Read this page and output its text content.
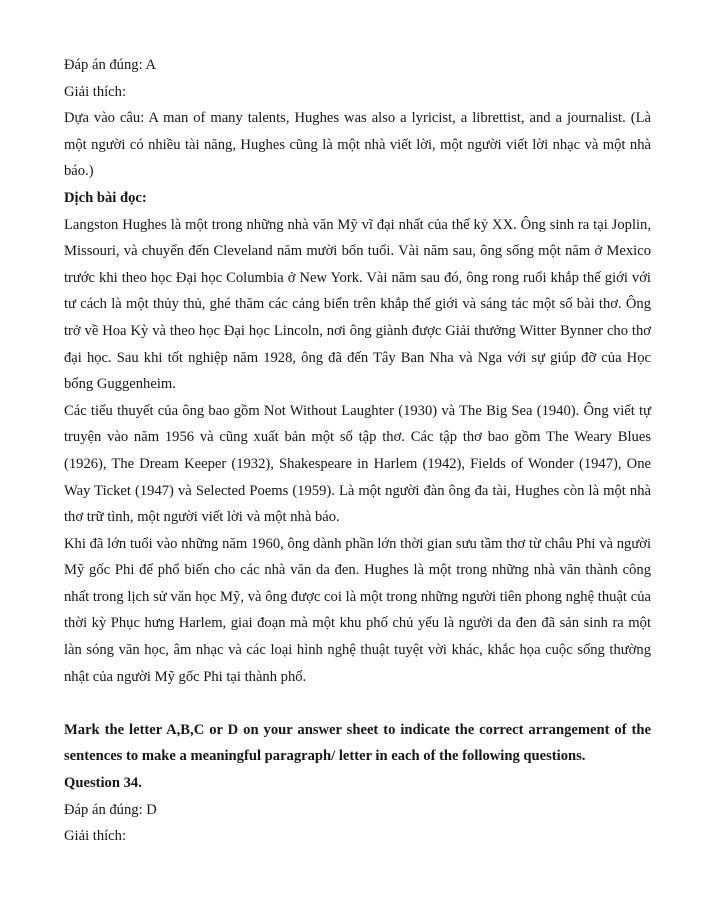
Đáp án đúng: A

Giải thích:

Dựa vào câu: A man of many talents, Hughes was also a lyricist, a librettist, and a journalist. (Là một người có nhiều tài năng, Hughes cũng là một nhà viết lời, một người viết lời nhạc và một nhà báo.)

Dịch bài đọc:

Langston Hughes là một trong những nhà văn Mỹ vĩ đại nhất của thế kỷ XX. Ông sinh ra tại Joplin, Missouri, và chuyển đến Cleveland năm mười bốn tuổi. Vài năm sau, ông sống một năm ở Mexico trước khi theo học Đại học Columbia ở New York. Vài năm sau đó, ông rong ruổi khắp thế giới với tư cách là một thủy thủ, ghé thăm các cảng biển trên khắp thế giới và sáng tác một số bài thơ. Ông trở về Hoa Kỳ và theo học Đại học Lincoln, nơi ông giành được Giải thưởng Witter Bynner cho thơ đại học. Sau khi tốt nghiệp năm 1928, ông đã đến Tây Ban Nha và Nga với sự giúp đỡ của Học bổng Guggenheim.

Các tiểu thuyết của ông bao gồm Not Without Laughter (1930) và The Big Sea (1940). Ông viết tự truyện vào năm 1956 và cũng xuất bản một số tập thơ. Các tập thơ bao gồm The Weary Blues (1926), The Dream Keeper (1932), Shakespeare in Harlem (1942), Fields of Wonder (1947), One Way Ticket (1947) và Selected Poems (1959). Là một người đàn ông đa tài, Hughes còn là một nhà thơ trữ tình, một người viết lời và một nhà báo.

Khi đã lớn tuổi vào những năm 1960, ông dành phần lớn thời gian sưu tầm thơ từ châu Phi và người Mỹ gốc Phi để phổ biến cho các nhà văn da đen. Hughes là một trong những nhà văn thành công nhất trong lịch sử văn học Mỹ, và ông được coi là một trong những người tiên phong nghệ thuật của thời kỳ Phục hưng Harlem, giai đoạn mà một khu phố chủ yếu là người da đen đã sản sinh ra một làn sóng văn học, âm nhạc và các loại hình nghệ thuật tuyệt vời khác, khắc họa cuộc sống thường nhật của người Mỹ gốc Phi tại thành phố.

Mark the letter A,B,C or D on your answer sheet to indicate the correct arrangement of the sentences to make a meaningful paragraph/ letter in each of the following questions.

Question 34.

Đáp án đúng: D

Giải thích:
